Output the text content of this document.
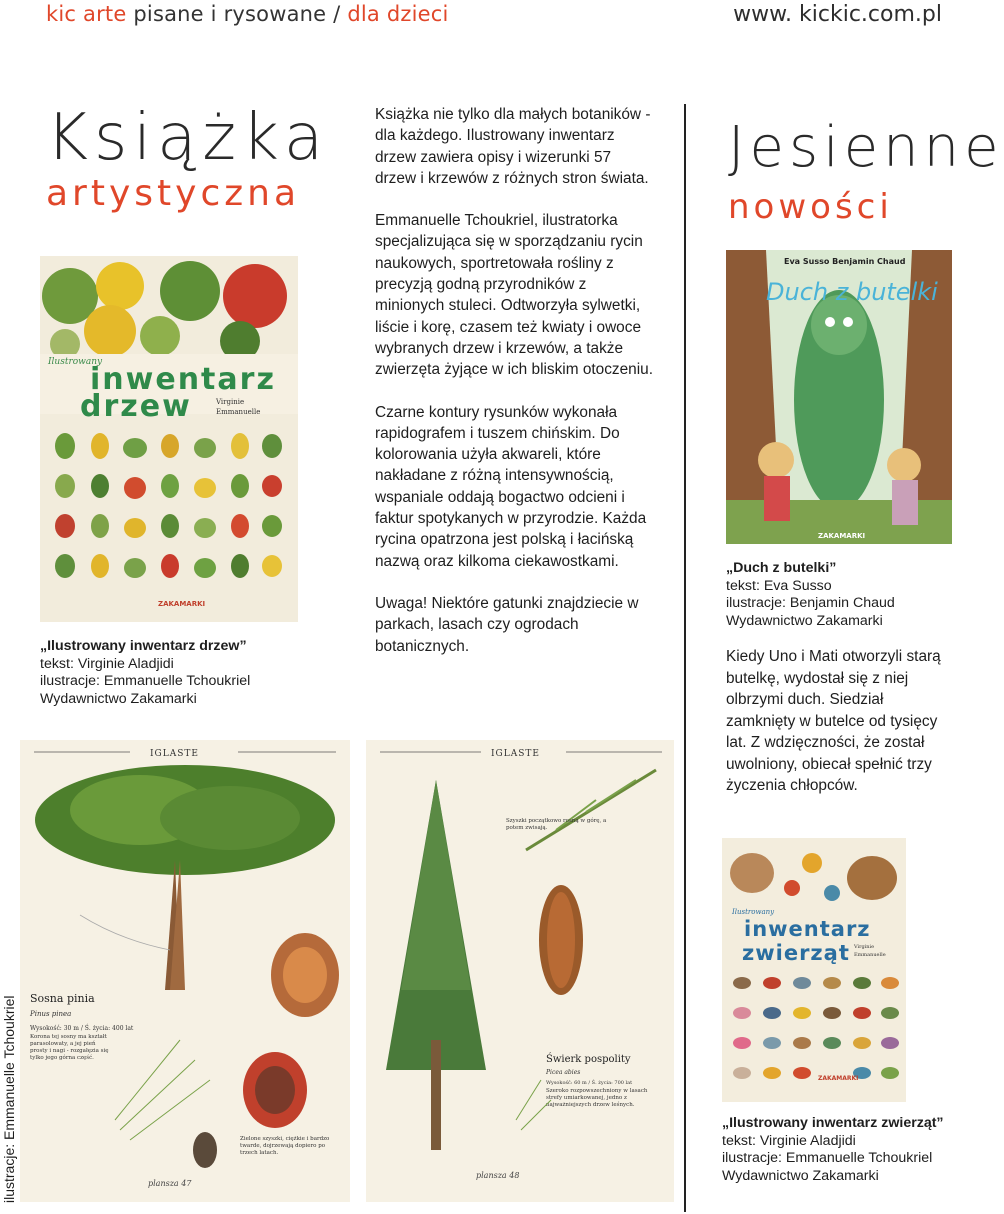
kic arte pisane i rysowane / dla dzieci	www. kickic.com.pl
Książka
artystyczna
Ilustrowany
inwentarz
drzew	Virginie
Emmanuelle
ZAKAMARKI
„Ilustrowany inwentarz drzew”
tekst: Virginie Aladjidi
ilustracje: Emmanuelle Tchoukriel
Wydawnictwo Zakamarki

Książka nie tylko dla małych botaników - dla każdego. Ilustrowany inwentarz drzew zawiera opisy i wizerunki 57 drzew i krzewów z różnych stron świata.

Emmanuelle Tchoukriel, ilustratorka specjalizująca się w sporządzaniu rycin naukowych, sportretowała rośliny z precyzją godną przyrodników z minionych stuleci. Odtworzyła sylwetki, liście i korę, czasem też kwiaty i owoce wybranych drzew i krzewów, a także zwierzęta żyjące w ich bliskim otoczeniu.

Czarne kontury rysunków wykonała rapidografem i tuszem chińskim. Do kolorowania użyła akwareli, które nakładane z różną intensywnością, wspaniale oddają bogactwo odcieni i faktur spotykanych w przyrodzie. Każda rycina opatrzona jest polską i łacińską nazwą oraz kilkoma ciekawostkami.

Uwaga! Niektóre gatunki znajdziecie w parkach, lasach czy ogrodach botanicznych.

Jesienne
nowości
Eva Susso Benjamin Chaud
Duch z butelki
ZAKAMARKI
„Duch z butelki”
tekst: Eva Susso
ilustracje: Benjamin Chaud
Wydawnictwo Zakamarki
Kiedy Uno i Mati otworzyli starą butelkę, wydostał się z niej olbrzymi duch. Siedział zamknięty w butelce od tysięcy lat. Z wdzięczności, że został uwolniony, obiecał spełnić trzy życzenia chłopców.
Ilustrowany
inwentarz
zwierząt Virginie
Emmanuelle
ZAKAMARKI
„Ilustrowany inwentarz zwierząt”
tekst: Virginie Aladjidi
ilustracje: Emmanuelle Tchoukriel
Wydawnictwo Zakamarki
IGLASTE
Sosna pinia
Pinus pinea
Wysokość: 30 m / Ś. życia: 400 lat
Korona tej sosny ma kształt parasolowaty, a jej pień prosty i nagi - rozgałęzia się tylko jego górna część.
Zielone szyszki, ciężkie i bardzo twarde, dojrzewają dopiero po trzech latach.
plansza 47
IGLASTE
Szyszki początkowo rosną w górę, a potem zwisają.
Świerk pospolity
Picea abies
Wysokość: 60 m / Ś. życia: 700 lat
Szeroko rozpowszechniony w lasach strefy umiarkowanej, jedno z najważniejszych drzew leśnych.
plansza 48
ilustracje: Emmanuelle Tchoukriel
